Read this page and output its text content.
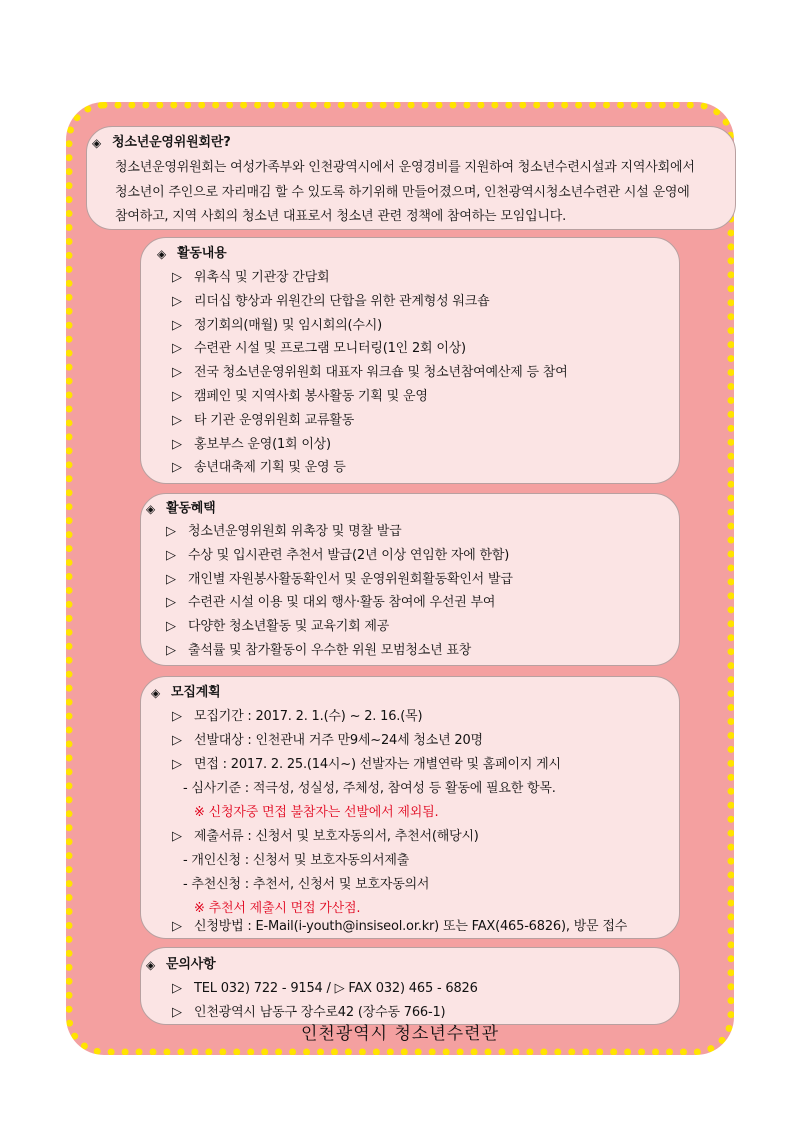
◈ 청소년운영위원회란?
청소년운영위원회는 여성가족부와 인천광역시에서 운영경비를 지원하여 청소년수련시설과 지역사회에서
청소년이 주인으로 자리매김 할 수 있도록 하기위해 만들어졌으며, 인천광역시청소년수련관 시설 운영에
참여하고, 지역 사회의 청소년 대표로서 청소년 관련 정책에 참여하는 모임입니다.
◈ 활동내용
▷ 위촉식 및 기관장 간담회
▷ 리더십 향상과 위원간의 단합을 위한 관계형성 워크숍
▷ 정기회의(매월) 및 임시회의(수시)
▷ 수련관 시설 및 프로그램 모니터링(1인 2회 이상)
▷ 전국 청소년운영위원회 대표자 워크숍 및 청소년참여예산제 등 참여
▷ 캠페인 및 지역사회 봉사활동 기획 및 운영
▷ 타 기관 운영위원회 교류활동
▷ 홍보부스 운영(1회 이상)
▷ 송년대축제 기획 및 운영 등
◈ 활동혜택
▷ 청소년운영위원회 위촉장 및 명찰 발급
▷ 수상 및 입시관련 추천서 발급(2년 이상 연임한 자에 한함)
▷ 개인별 자원봉사활동확인서 및 운영위원회활동확인서 발급
▷ 수련관 시설 이용 및 대외 행사·활동 참여에 우선권 부여
▷ 다양한 청소년활동 및 교육기회 제공
▷ 출석률 및 참가활동이 우수한 위원 모범청소년 표창
◈ 모집계획
▷ 모집기간 : 2017. 2. 1.(수) ~ 2. 16.(목)
▷ 선발대상 : 인천관내 거주 만9세~24세 청소년 20명
▷ 면접 : 2017. 2. 25.(14시~) 선발자는 개별연락 및 홈페이지 게시
- 심사기준 : 적극성, 성실성, 주체성, 참여성 등 활동에 필요한 항목.
※ 신청자중 면접 불참자는 선발에서 제외됨.
▷ 제출서류 : 신청서 및 보호자동의서, 추천서(해당시)
- 개인신청 : 신청서 및 보호자동의서제출
- 추천신청 : 추천서, 신청서 및 보호자동의서
※ 추천서 제출시 면접 가산점.
▷ 신청방법 : E-Mail(i-youth@insiseol.or.kr) 또는 FAX(465-6826), 방문 접수
◈ 문의사항
▷ TEL 032) 722 - 9154 / ▷ FAX 032) 465 - 6826
▷ 인천광역시 남동구 장수로42 (장수동 766-1)
인천광역시 청소년수련관
